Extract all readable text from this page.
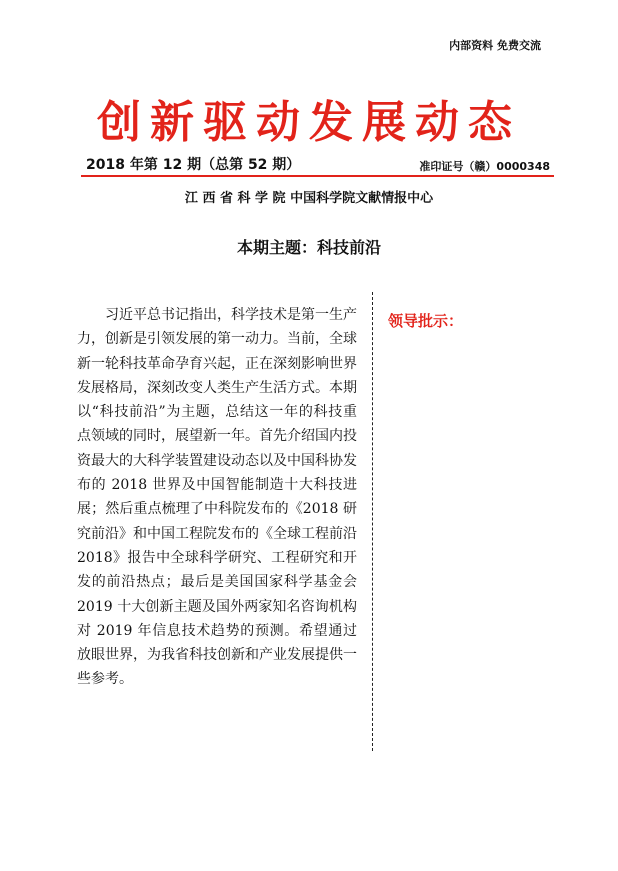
内部资料 免费交流
创新驱动发展动态
2018 年第 12 期（总第 52 期）	准印证号（赣）0000348
江 西 省 科 学 院 中国科学院文献情报中心
本期主题：科技前沿
习近平总书记指出，科学技术是第一生产力，创新是引领发展的第一动力。当前，全球新一轮科技革命孕育兴起，正在深刻影响世界发展格局，深刻改变人类生产生活方式。本期以“科技前沿”为主题，总结这一年的科技重点领域的同时，展望新一年。首先介绍国内投资最大的大科学装置建设动态以及中国科协发布的 2018 世界及中国智能制造十大科技进展；然后重点梳理了中科院发布的《2018 研究前沿》和中国工程院发布的《全球工程前沿 2018》报告中全球科学研究、工程研究和开发的前沿热点；最后是美国国家科学基金会 2019 十大创新主题及国外两家知名咨询机构对 2019 年信息技术趋势的预测。希望通过放眼世界，为我省科技创新和产业发展提供一些参考。
领导批示：
